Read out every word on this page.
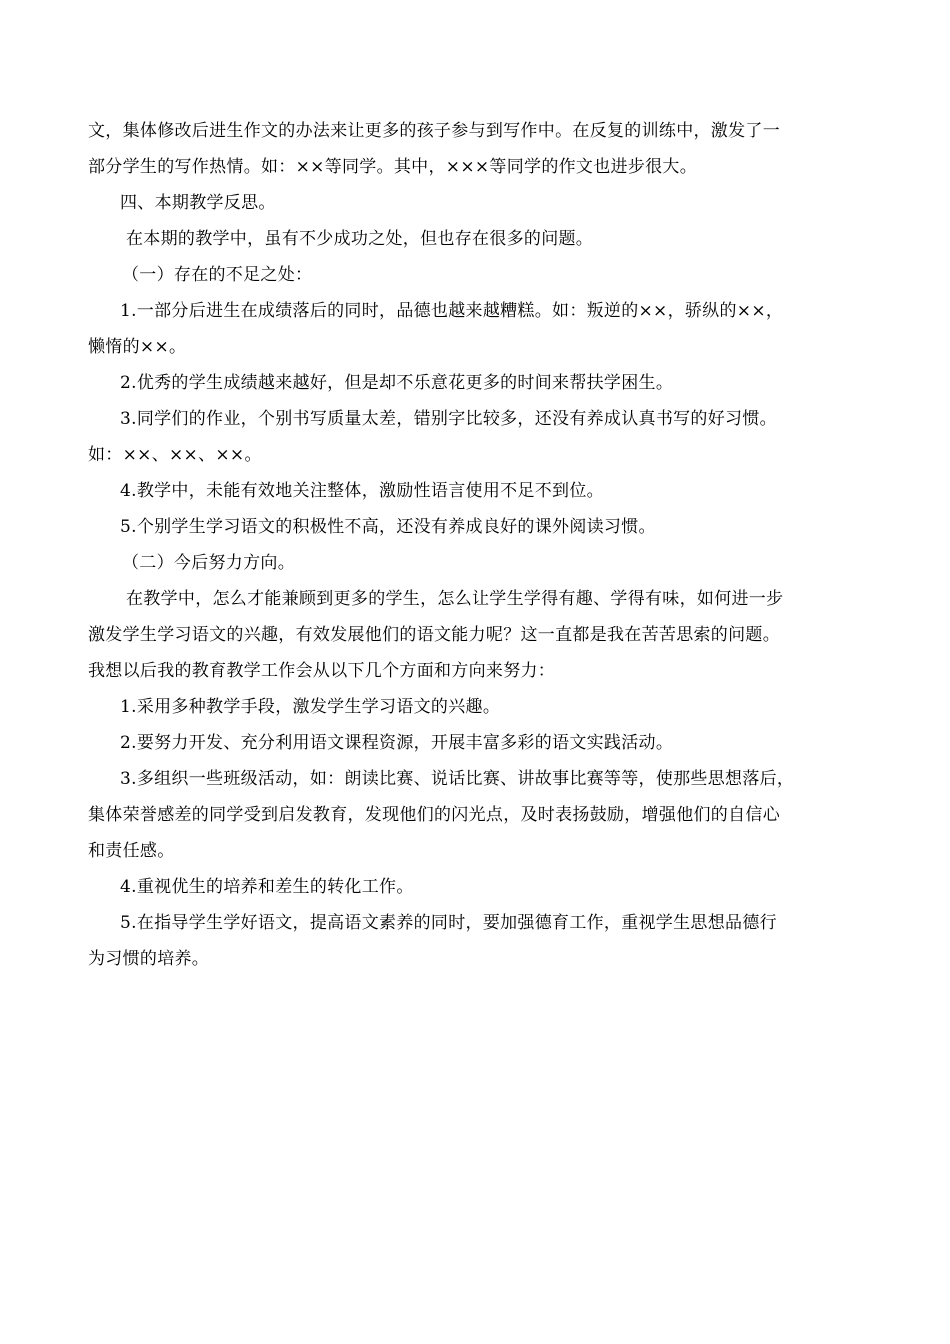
文，集体修改后进生作文的办法来让更多的孩子参与到写作中。在反复的训练中，激发了一
部分学生的写作热情。如：××等同学。其中，×××等同学的作文也进步很大。
四、本期教学反思。
在本期的教学中，虽有不少成功之处，但也存在很多的问题。
（一）存在的不足之处：
1.一部分后进生在成绩落后的同时，品德也越来越糟糕。如：叛逆的××，骄纵的××，
懒惰的××。
2.优秀的学生成绩越来越好，但是却不乐意花更多的时间来帮扶学困生。
3.同学们的作业，个别书写质量太差，错别字比较多，还没有养成认真书写的好习惯。
如：××、××、××。
4.教学中，未能有效地关注整体，激励性语言使用不足不到位。
5.个别学生学习语文的积极性不高，还没有养成良好的课外阅读习惯。
（二）今后努力方向。
在教学中，怎么才能兼顾到更多的学生，怎么让学生学得有趣、学得有味，如何进一步
激发学生学习语文的兴趣，有效发展他们的语文能力呢？这一直都是我在苦苦思索的问题。
我想以后我的教育教学工作会从以下几个方面和方向来努力：
1.采用多种教学手段，激发学生学习语文的兴趣。
2.要努力开发、充分利用语文课程资源，开展丰富多彩的语文实践活动。
3.多组织一些班级活动，如：朗读比赛、说话比赛、讲故事比赛等等，使那些思想落后，
集体荣誉感差的同学受到启发教育，发现他们的闪光点，及时表扬鼓励，增强他们的自信心
和责任感。
4.重视优生的培养和差生的转化工作。
5.在指导学生学好语文，提高语文素养的同时，要加强德育工作，重视学生思想品德行
为习惯的培养。
